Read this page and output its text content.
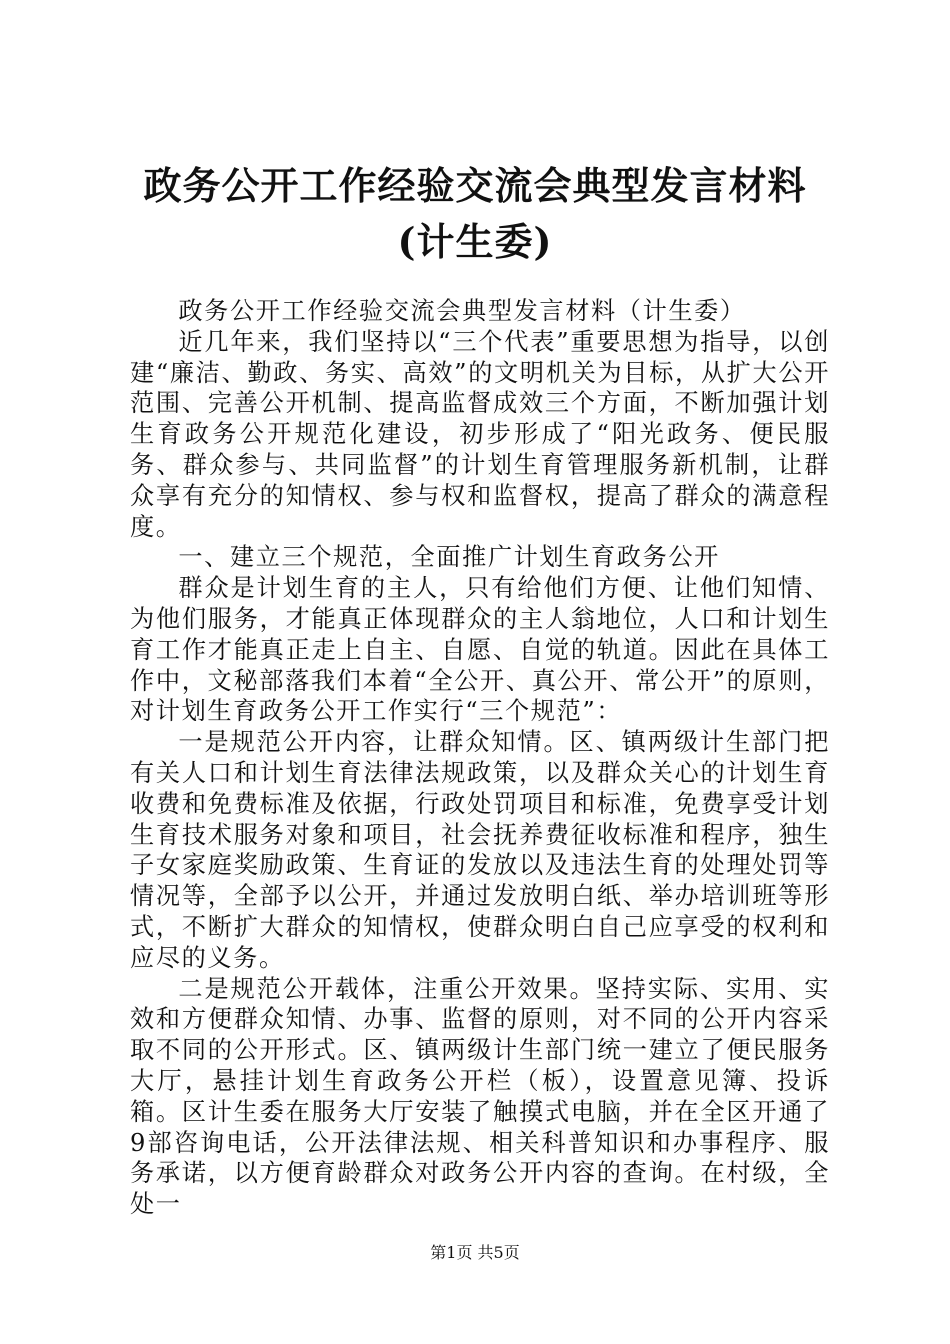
政务公开工作经验交流会典型发言材料(计生委)

政务公开工作经验交流会典型发言材料（计生委）

近几年来，我们坚持以“三个代表”重要思想为指导，以创建“廉洁、勤政、务实、高效”的文明机关为目标，从扩大公开范围、完善公开机制、提高监督成效三个方面，不断加强计划生育政务公开规范化建设，初步形成了“阳光政务、便民服务、群众参与、共同监督”的计划生育管理服务新机制，让群众享有充分的知情权、参与权和监督权，提高了群众的满意程度。

一、建立三个规范，全面推广计划生育政务公开

群众是计划生育的主人，只有给他们方便、让他们知情、为他们服务，才能真正体现群众的主人翁地位，人口和计划生育工作才能真正走上自主、自愿、自觉的轨道。因此在具体工作中，文秘部落我们本着“全公开、真公开、常公开”的原则，对计划生育政务公开工作实行“三个规范”：

一是规范公开内容，让群众知情。区、镇两级计生部门把有关人口和计划生育法律法规政策，以及群众关心的计划生育收费和免费标准及依据，行政处罚项目和标准，免费享受计划生育技术服务对象和项目，社会抚养费征收标准和程序，独生子女家庭奖励政策、生育证的发放以及违法生育的处理处罚等情况等，全部予以公开，并通过发放明白纸、举办培训班等形式，不断扩大群众的知情权，使群众明白自己应享受的权利和应尽的义务。

二是规范公开载体，注重公开效果。坚持实际、实用、实效和方便群众知情、办事、监督的原则，对不同的公开内容采取不同的公开形式。区、镇两级计生部门统一建立了便民服务大厅，悬挂计划生育政务公开栏（板），设置意见簿、投诉箱。区计生委在服务大厅安装了触摸式电脑，并在全区开通了9部咨询电话，公开法律法规、相关科普知识和办事程序、服务承诺，以方便育龄群众对政务公开内容的查询。在村级，全处一

第1页 共5页
